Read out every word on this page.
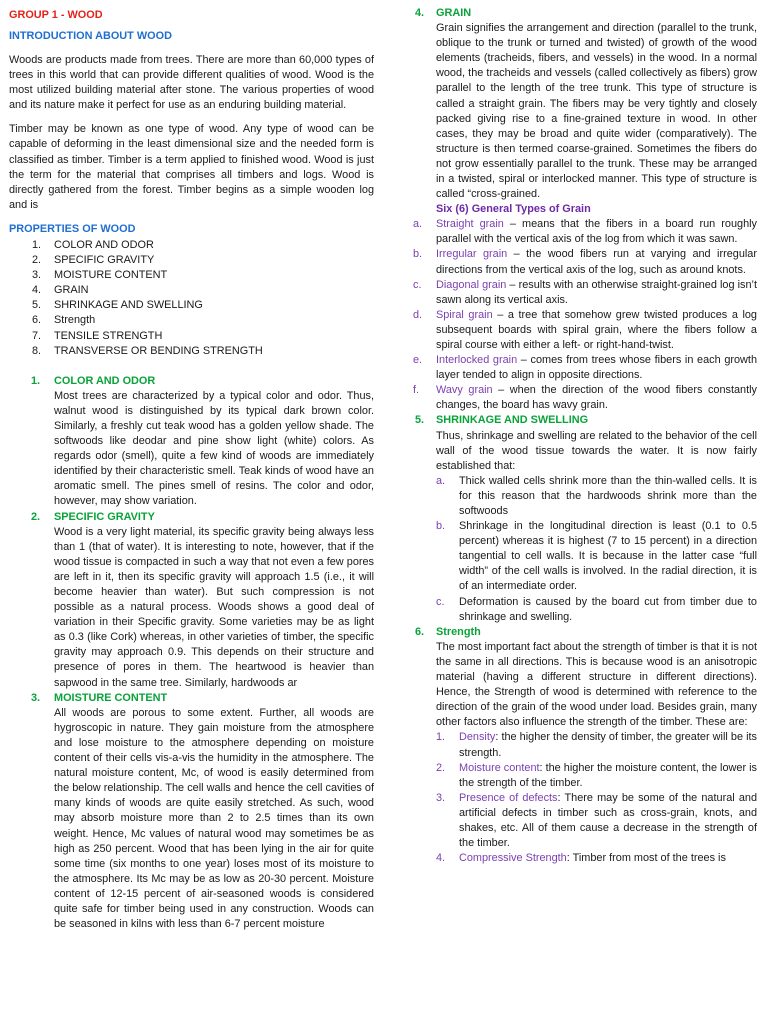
GROUP 1 - WOOD
INTRODUCTION ABOUT WOOD

Woods are products made from trees. There are more than 60,000 types of trees in this world that can provide different qualities of wood. Wood is the most utilized building material after stone. The various properties of wood and its nature make it perfect for use as an enduring building material.

Timber may be known as one type of wood. Any type of wood can be capable of deforming in the least dimensional size and the needed form is classified as timber. Timber is a term applied to finished wood. Wood is just the term for the material that comprises all timbers and logs. Wood is directly gathered from the forest. Timber begins as a simple wooden log and is

PROPERTIES OF WOOD
1.	COLOR AND ODOR
2.	SPECIFIC GRAVITY
3.	MOISTURE CONTENT
4.	GRAIN
5.	SHRINKAGE AND SWELLING
6.	Strength
7.	TENSILE STRENGTH
8.	TRANSVERSE OR BENDING STRENGTH
1.	COLOR AND ODOR

Most trees are characterized by a typical color and odor. Thus, walnut wood is distinguished by its typical dark brown color. Similarly, a freshly cut teak wood has a golden yellow shade. The softwoods like deodar and pine show light (white) colors. As regards odor (smell), quite a few kind of woods are immediately identified by their characteristic smell. Teak kinds of wood have an aromatic smell. The pines smell of resins. The color and odor, however, may show variation.

2.	SPECIFIC GRAVITY

Wood is a very light material, its specific gravity being always less than 1 (that of water). It is interesting to note, however, that if the wood tissue is compacted in such a way that not even a few pores are left in it, then its specific gravity will approach 1.5 (i.e., it will become heavier than water). But such compression is not possible as a natural process. Woods shows a good deal of variation in their Specific gravity. Some varieties may be as light as 0.3 (like Cork) whereas, in other varieties of timber, the specific gravity may approach 0.9. This depends on their structure and presence of pores in them. The heartwood is heavier than sapwood in the same tree. Similarly, hardwoods ar

3.	MOISTURE CONTENT

All woods are porous to some extent. Further, all woods are hygroscopic in nature. They gain moisture from the atmosphere and lose moisture to the atmosphere depending on moisture content of their cells vis-a-vis the humidity in the atmosphere. The natural moisture content, Mc, of wood is easily determined from the below relationship. The cell walls and hence the cell cavities of many kinds of woods are quite easily stretched. As such, wood may absorb moisture more than 2 to 2.5 times than its own weight. Hence, Mc values of natural wood may sometimes be as high as 250 percent. Wood that has been lying in the air for quite some time (six months to one year) loses most of its moisture to the atmosphere. Its Mc may be as low as 20-30 percent. Moisture content of 12-15 percent of air-seasoned woods is considered quite safe for timber being used in any construction. Woods can be seasoned in kilns with less than 6-7 percent moisture

4.	GRAIN

Grain signifies the arrangement and direction (parallel to the trunk, oblique to the trunk or turned and twisted) of growth of the wood elements (tracheids, fibers, and vessels) in the wood. In a normal wood, the tracheids and vessels (called collectively as fibers) grow parallel to the length of the tree trunk. This type of structure is called a straight grain. The fibers may be very tightly and closely packed giving rise to a fine-grained texture in wood. In other cases, they may be broad and quite wider (comparatively). The structure is then termed coarse-grained. Sometimes the fibers do not grow essentially parallel to the trunk. These may be arranged in a twisted, spiral or interlocked manner. This type of structure is called “cross-grained.

Six (6) General Types of Grain
a.	Straight grain – means that the fibers in a board run roughly parallel with the vertical axis of the log from which it was sawn.
b.	Irregular grain – the wood fibers run at varying and irregular directions from the vertical axis of the log, such as around knots.
c.	Diagonal grain – results with an otherwise straight-grained log isn’t sawn along its vertical axis.
d.	Spiral grain – a tree that somehow grew twisted produces a log subsequent boards with spiral grain, where the fibers follow a spiral course with either a left- or right-hand-twist.
e.	Interlocked grain – comes from trees whose fibers in each growth layer tended to align in opposite directions.
f.	Wavy grain – when the direction of the wood fibers constantly changes, the board has wavy grain.
5.	SHRINKAGE AND SWELLING

Thus, shrinkage and swelling are related to the behavior of the cell wall of the wood tissue towards the water. It is now fairly established that:

a.	Thick walled cells shrink more than the thin-walled cells. It is for this reason that the hardwoods shrink more than the softwoods
b.	Shrinkage in the longitudinal direction is least (0.1 to 0.5 percent) whereas it is highest (7 to 15 percent) in a direction tangential to cell walls. It is because in the latter case “full width” of the cell walls is involved. In the radial direction, it is of an intermediate order.
c.	Deformation is caused by the board cut from timber due to shrinkage and swelling.
6.	Strength

The most important fact about the strength of timber is that it is not the same in all directions. This is because wood is an anisotropic material (having a different structure in different directions). Hence, the Strength of wood is determined with reference to the direction of the grain of the wood under load. Besides grain, many other factors also influence the strength of the timber. These are:

1.	Density: the higher the density of timber, the greater will be its strength.
2.	Moisture content: the higher the moisture content, the lower is the strength of the timber.
3.	Presence of defects: There may be some of the natural and artificial defects in timber such as cross-grain, knots, and shakes, etc. All of them cause a decrease in the strength of the timber.
4.	Compressive Strength: Timber from most of the trees is
